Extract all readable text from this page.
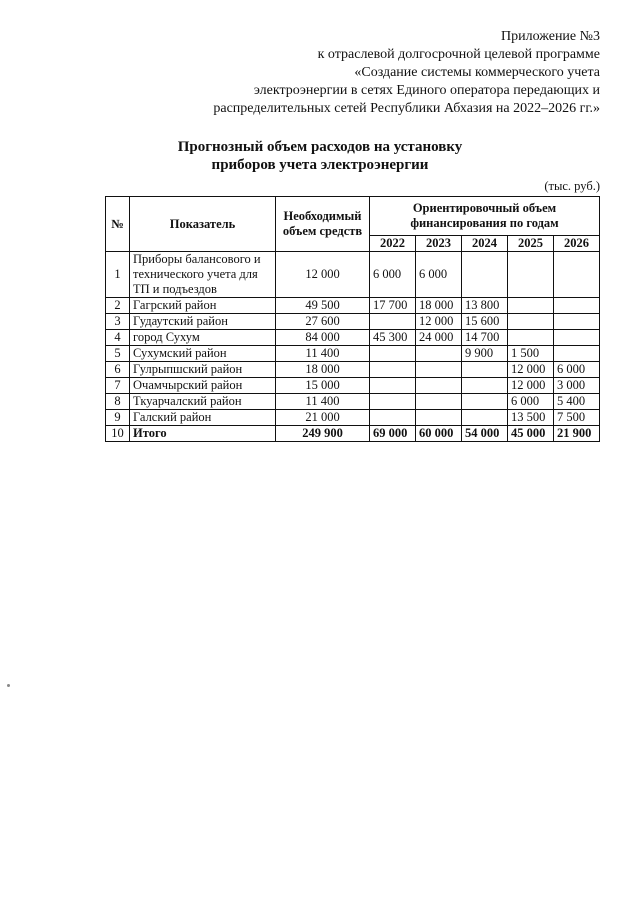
Приложение №3
к отраслевой долгосрочной целевой программе
«Создание системы коммерческого учета
электроэнергии в сетях Единого оператора передающих и
распределительных сетей Республики Абхазия на 2022–2026 гг.»
Прогнозный объем расходов на установку
приборов учета электроэнергии
(тыс. руб.)
№	Показатель	Необходимый объем средств	Ориентировочный объем финансирования по годам				
			2022	2023	2024	2025	2026
1	Приборы балансового и технического учета для ТП и подъездов	12 000	6 000	6 000			
2	Гагрский район	49 500	17 700	18 000	13 800		
3	Гудаутский район	27 600		12 000	15 600		
4	город Сухум	84 000	45 300	24 000	14 700		
5	Сухумский район	11 400			9 900	1 500	
6	Гулрыпшский район	18 000				12 000	6 000
7	Очамчырский район	15 000				12 000	3 000
8	Ткуарчалский район	11 400				6 000	5 400
9	Галский район	21 000				13 500	7 500
10	Итого	249 900	69 000	60 000	54 000	45 000	21 900
